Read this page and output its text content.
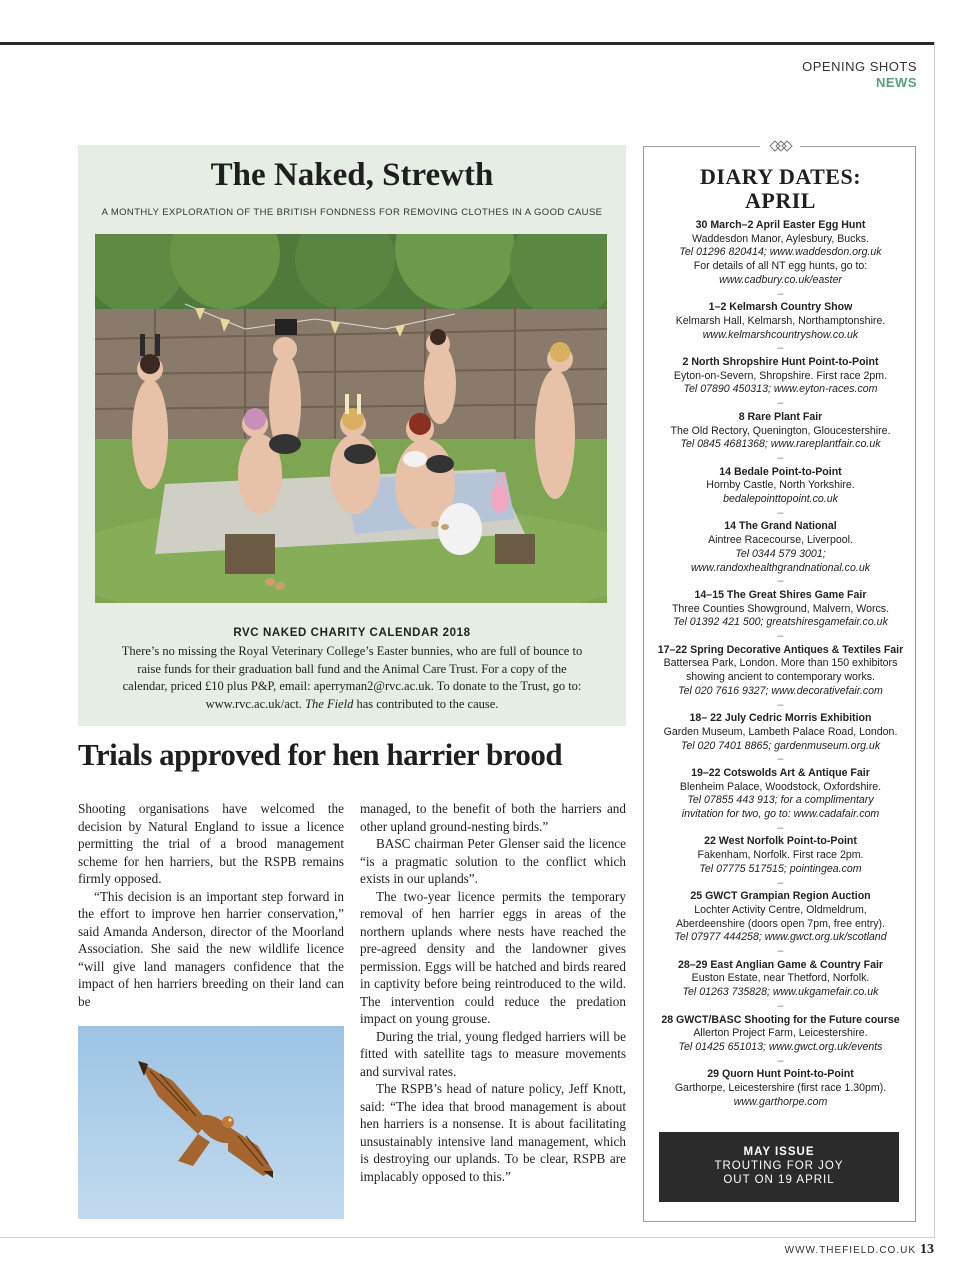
OPENING SHOTS
NEWS
The Naked, Strewth
A MONTHLY EXPLORATION OF THE BRITISH FONDNESS FOR REMOVING CLOTHES IN A GOOD CAUSE
RVC NAKED CHARITY CALENDAR 2018
There’s no missing the Royal Veterinary College’s Easter bunnies, who are full of bounce to raise funds for their graduation ball fund and the Animal Care Trust. For a copy of the calendar, priced £10 plus P&P, email: aperryman2@rvc.ac.uk. To donate to the Trust, go to: www.rvc.ac.uk/act. The Field has contributed to the cause.
Trials approved for hen harrier brood

Shooting organisations have welcomed the decision by Natural England to issue a licence permitting the trial of a brood management scheme for hen harriers, but the RSPB remains firmly opposed.

“This decision is an important step forward in the effort to improve hen harrier conservation,” said Amanda Anderson, director of the Moorland Association. She said the new wildlife licence “will give land managers confidence that the impact of hen harriers breeding on their land can be

managed, to the benefit of both the harriers and other upland ground-nesting birds.”

BASC chairman Peter Glenser said the licence “is a pragmatic solution to the conflict which exists in our uplands”.

The two-year licence permits the temporary removal of hen harrier eggs in areas of the northern uplands where nests have reached the pre-agreed density and the landowner gives permission. Eggs will be hatched and birds reared in captivity before being reintroduced to the wild. The intervention could reduce the predation impact on young grouse.

During the trial, young fledged harriers will be fitted with satellite tags to measure movements and survival rates.

The RSPB’s head of nature policy, Jeff Knott, said: “The idea that brood management is about hen harriers is a nonsense. It is about facilitating unsustainably intensive land management, which is destroying our uplands. To be clear, RSPB are implacably opposed to this.”

DIARY DATES:
APRIL
30 March–2 April Easter Egg Hunt
Waddesdon Manor, Aylesbury, Bucks.
Tel 01296 820414; www.waddesdon.org.uk
For details of all NT egg hunts, go to:
www.cadbury.co.uk/easter
–
1–2 Kelmarsh Country Show
Kelmarsh Hall, Kelmarsh, Northamptonshire.
www.kelmarshcountryshow.co.uk
–
2 North Shropshire Hunt Point-to-Point
Eyton-on-Severn, Shropshire. First race 2pm.
Tel 07890 450313; www.eyton-races.com
–
8 Rare Plant Fair
The Old Rectory, Quenington, Gloucestershire.
Tel 0845 4681368; www.rareplantfair.co.uk
–
14 Bedale Point-to-Point
Hornby Castle, North Yorkshire.
bedalepointtopoint.co.uk
–
14 The Grand National
Aintree Racecourse, Liverpool.
Tel 0344 579 3001;
www.randoxhealthgrandnational.co.uk
–
14–15 The Great Shires Game Fair
Three Counties Showground, Malvern, Worcs.
Tel 01392 421 500; greatshiresgamefair.co.uk
–
17–22 Spring Decorative Antiques & Textiles Fair
Battersea Park, London. More than 150 exhibitors
showing ancient to contemporary works.
Tel 020 7616 9327; www.decorativefair.com
–
18– 22 July Cedric Morris Exhibition
Garden Museum, Lambeth Palace Road, London.
Tel 020 7401 8865; gardenmuseum.org.uk
–
19–22 Cotswolds Art & Antique Fair
Blenheim Palace, Woodstock, Oxfordshire.
Tel 07855 443 913; for a complimentary
invitation for two, go to: www.cadafair.com
–
22 West Norfolk Point-to-Point
Fakenham, Norfolk. First race 2pm.
Tel 07775 517515; pointingea.com
–
25 GWCT Grampian Region Auction
Lochter Activity Centre, Oldmeldrum,
Aberdeenshire (doors open 7pm, free entry).
Tel 07977 444258; www.gwct.org.uk/scotland
–
28–29 East Anglian Game & Country Fair
Euston Estate, near Thetford, Norfolk.
Tel 01263 735828; www.ukgamefair.co.uk
–
28 GWCT/BASC Shooting for the Future course
Allerton Project Farm, Leicestershire.
Tel 01425 651013; www.gwct.org.uk/events
–
29 Quorn Hunt Point-to-Point
Garthorpe, Leicestershire (first race 1.30pm).
www.garthorpe.com
MAY ISSUE
TROUTING FOR JOY
OUT ON 19 APRIL
WWW.THEFIELD.CO.UK 13
